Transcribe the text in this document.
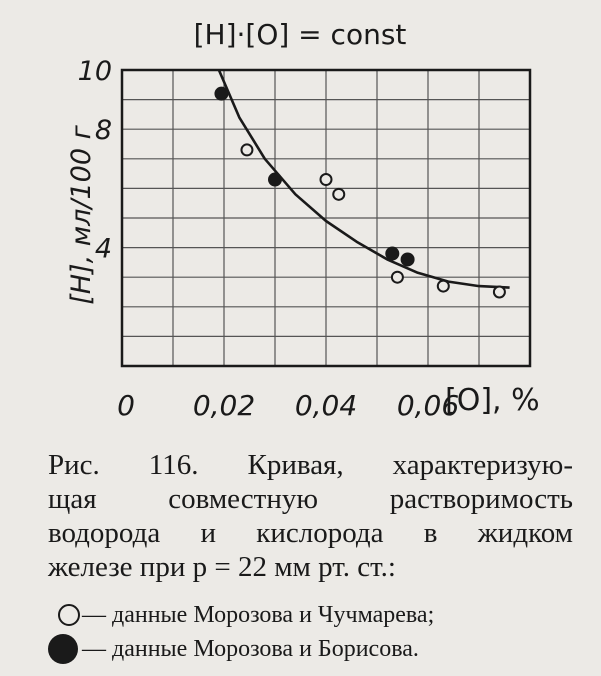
0 0,02 0,04 0,06
4
8
10
[H]·[O] = const
[O], %
[H], мл/100 г
Рис. 116. Кривая, характеризую-
щая совместную растворимость
водорода и кислорода в жидком
железе при p = 22 мм рт. ст.:
— данные Морозова и Чучмарева;
— данные Морозова и Борисова.
